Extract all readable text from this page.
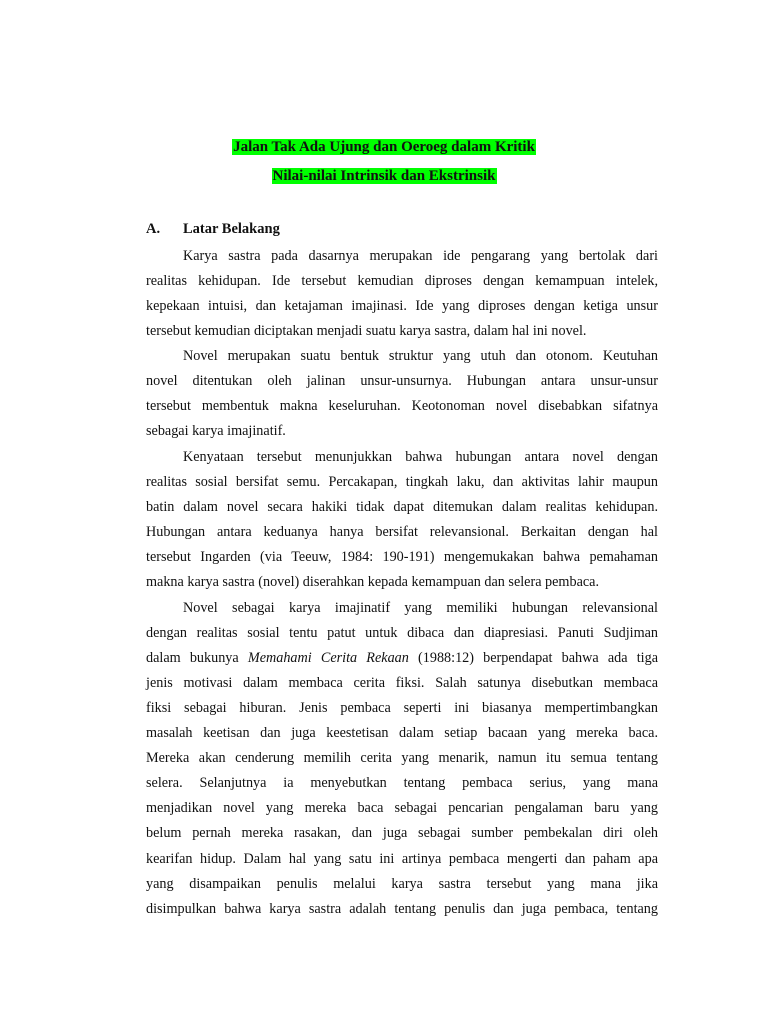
Jalan Tak Ada Ujung dan Oeroeg dalam Kritik
Nilai-nilai Intrinsik dan Ekstrinsik
A. Latar Belakang
Karya sastra pada dasarnya merupakan ide pengarang yang bertolak dari
realitas kehidupan. Ide tersebut kemudian diproses dengan kemampuan intelek,
kepekaan intuisi, dan ketajaman imajinasi. Ide yang diproses dengan ketiga unsur
tersebut kemudian diciptakan menjadi suatu karya sastra, dalam hal ini novel.
Novel merupakan suatu bentuk struktur yang utuh dan otonom. Keutuhan
novel ditentukan oleh jalinan unsur-unsurnya. Hubungan antara unsur-unsur
tersebut membentuk makna keseluruhan. Keotonoman novel disebabkan sifatnya
sebagai karya imajinatif.
Kenyataan tersebut menunjukkan bahwa hubungan antara novel dengan
realitas sosial bersifat semu. Percakapan, tingkah laku, dan aktivitas lahir maupun
batin dalam novel secara hakiki tidak dapat ditemukan dalam realitas kehidupan.
Hubungan antara keduanya hanya bersifat relevansional. Berkaitan dengan hal
tersebut Ingarden (via Teeuw, 1984: 190-191) mengemukakan bahwa pemahaman
makna karya sastra (novel) diserahkan kepada kemampuan dan selera pembaca.
Novel sebagai karya imajinatif yang memiliki hubungan relevansional
dengan realitas sosial tentu patut untuk dibaca dan diapresiasi. Panuti Sudjiman
dalam bukunya Memahami Cerita Rekaan (1988:12) berpendapat bahwa ada tiga
jenis motivasi dalam membaca cerita fiksi. Salah satunya disebutkan membaca
fiksi sebagai hiburan. Jenis pembaca seperti ini biasanya mempertimbangkan
masalah keetisan dan juga keestetisan dalam setiap bacaan yang mereka baca.
Mereka akan cenderung memilih cerita yang menarik, namun itu semua tentang
selera. Selanjutnya ia menyebutkan tentang pembaca serius, yang mana
menjadikan novel yang mereka baca sebagai pencarian pengalaman baru yang
belum pernah mereka rasakan, dan juga sebagai sumber pembekalan diri oleh
kearifan hidup. Dalam hal yang satu ini artinya pembaca mengerti dan paham apa
yang disampaikan penulis melalui karya sastra tersebut yang mana jika
disimpulkan bahwa karya sastra adalah tentang penulis dan juga pembaca, tentang
